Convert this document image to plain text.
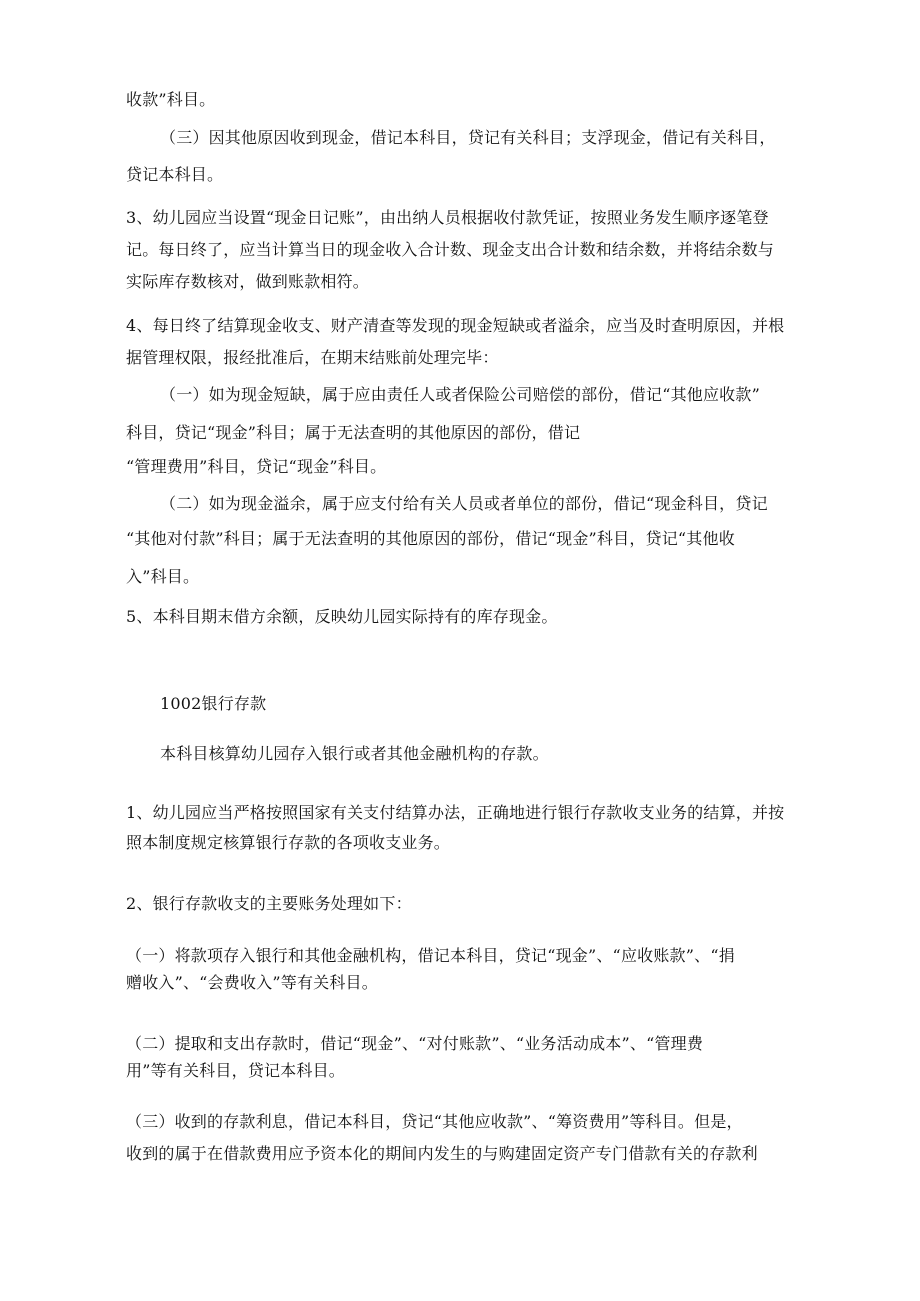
收款”科目。
（三）因其他原因收到现金，借记本科目，贷记有关科目；支浮现金，借记有关科目，
贷记本科目。
3、幼儿园应当设置“现金日记账”，由出纳人员根据收付款凭证，按照业务发生顺序逐笔登
记。每日终了，应当计算当日的现金收入合计数、现金支出合计数和结余数，并将结余数与
实际库存数核对，做到账款相符。
4、每日终了结算现金收支、财产清查等发现的现金短缺或者溢余，应当及时查明原因，并根
据管理权限，报经批准后，在期末结账前处理完毕：
（一）如为现金短缺，属于应由责任人或者保险公司赔偿的部份，借记“其他应收款”
科目，贷记“现金”科目；属于无法查明的其他原因的部份，借记
“管理费用”科目，贷记“现金”科目。
（二）如为现金溢余，属于应支付给有关人员或者单位的部份，借记“现金科目，贷记
“其他对付款”科目；属于无法查明的其他原因的部份，借记“现金”科目，贷记“其他收
入”科目。
5、本科目期末借方余额，反映幼儿园实际持有的库存现金。
1002银行存款
本科目核算幼儿园存入银行或者其他金融机构的存款。
1、幼儿园应当严格按照国家有关支付结算办法，正确地进行银行存款收支业务的结算，并按
照本制度规定核算银行存款的各项收支业务。
2、银行存款收支的主要账务处理如下：
（一）将款项存入银行和其他金融机构，借记本科目，贷记“现金”、“应收账款”、“捐
赠收入”、“会费收入”等有关科目。
（二）提取和支出存款时，借记“现金”、“对付账款”、“业务活动成本”、“管理费
用”等有关科目，贷记本科目。
（三）收到的存款利息，借记本科目，贷记“其他应收款”、“筹资费用”等科目。但是，
收到的属于在借款费用应予资本化的期间内发生的与购建固定资产专门借款有关的存款利
